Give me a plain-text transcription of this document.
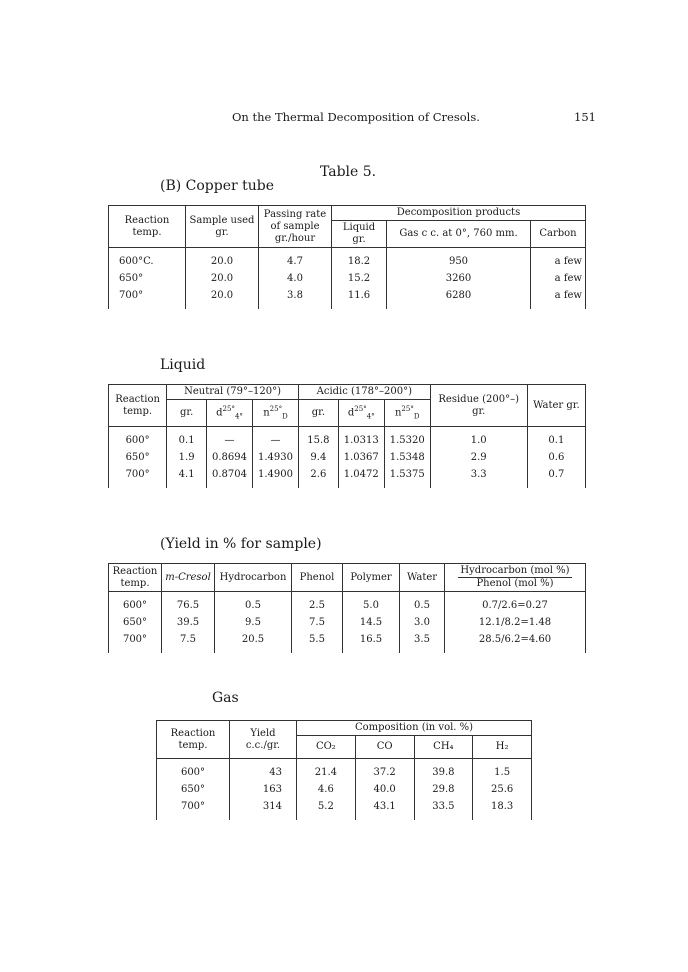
On the Thermal Decomposition of Cresols.	151
Table 5.
(B) Copper tube
Reaction temp.	Sample used gr.	Passing rate of sample gr./hour	Decomposition products		
			Liquid gr.	Gas c c. at 0°, 760 mm.	Carbon
600°C.	20.0	4.7	18.2	950	a few
650°	20.0	4.0	15.2	3260	a few
700°	20.0	3.8	11.6	6280	a few
Liquid
Reaction temp.	Neutral (79°–120°)			Acidic (178°–200°)			Residue (200°–) gr.	Water gr.
	gr.	$d^{25^\circ}_{4^\circ}$	$n^{25^\circ}_D$	gr.	$d^{25^\circ}_{4^\circ}$	$n^{25^\circ}_D$
600°	0.1	—	—	15.8	1.0313	1.5320	1.0	0.1
650°	1.9	0.8694	1.4930	9.4	1.0367	1.5348	2.9	0.6
700°	4.1	0.8704	1.4900	2.6	1.0472	1.5375	3.3	0.7
(Yield in % for sample)
Reaction temp.	m-Cresol	Hydrocarbon	Phenol	Polymer	Water	Hydrocarbon (mol %)
Phenol (mol %)

600°	76.5	0.5	2.5	5.0	0.5	0.7/2.6=0.27
650°	39.5	9.5	7.5	14.5	3.0	12.1/8.2=1.48
700°	7.5	20.5	5.5	16.5	3.5	28.5/6.2=4.60
Gas
Reaction temp.	Yield c.c./gr.	Composition (in vol. %)			
		CO₂	CO	CH₄	H₂
600°	43	21.4	37.2	39.8	1.5
650°	163	4.6	40.0	29.8	25.6
700°	314	5.2	43.1	33.5	18.3
